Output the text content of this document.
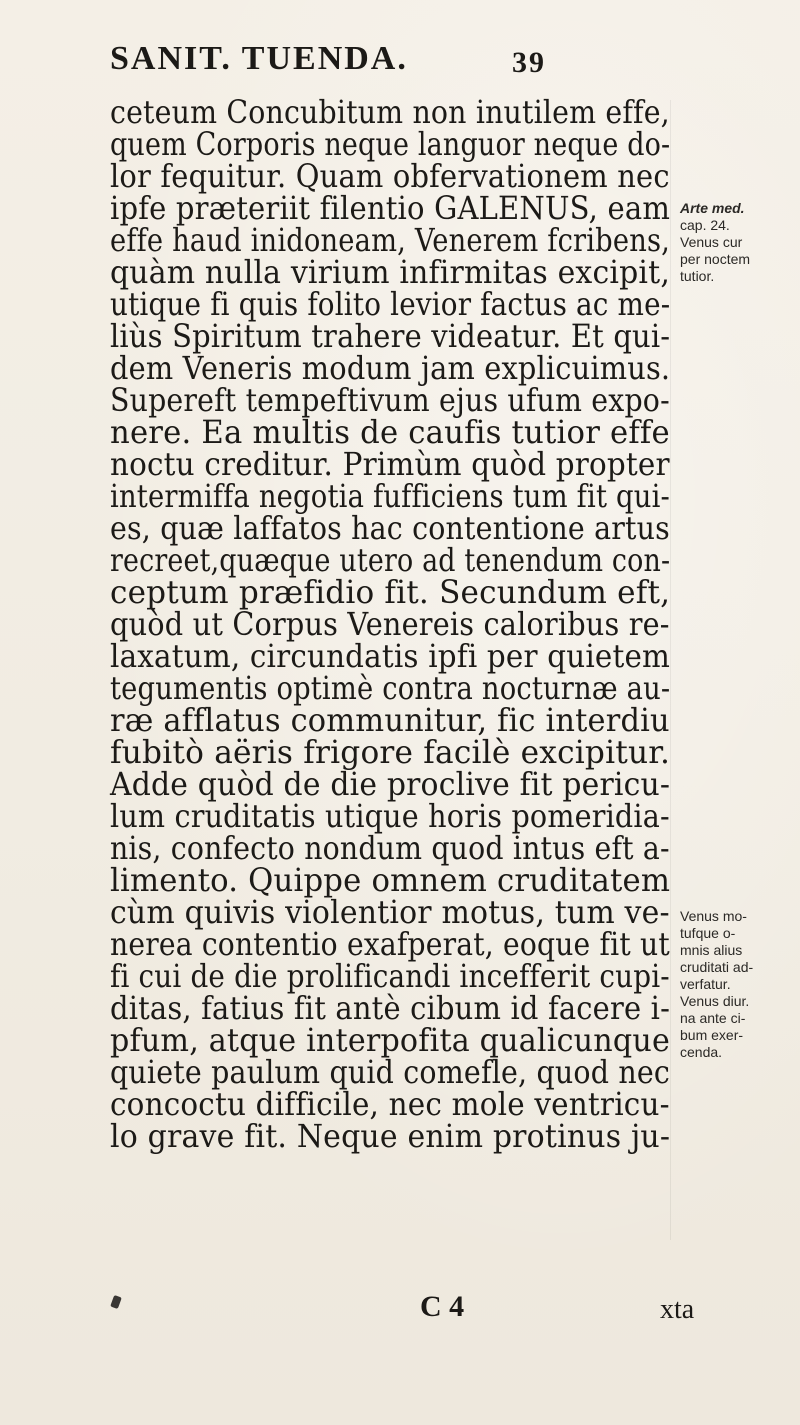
SANIT. TUENDA.	39
ceteum Concubitum non inutilem effe,
quem Corporis neque languor neque do-
lor fequitur. Quam obfervationem nec
ipfe præteriit filentio GALENUS, eam
effe haud inidoneam, Venerem fcribens,
quàm nulla virium infirmitas excipit,
utique fi quis folito levior factus ac me-
liùs Spiritum trahere videatur. Et qui-
dem Veneris modum jam explicuimus.
Supereft tempeftivum ejus ufum expo-
nere. Ea multis de caufis tutior effe
noctu creditur. Primùm quòd propter
intermiffa negotia fufficiens tum fit qui-
es, quæ laffatos hac contentione artus
recreet,quæque utero ad tenendum con-
ceptum præfidio fit. Secundum eft,
quòd ut Corpus Venereis caloribus re-
laxatum, circundatis ipfi per quietem
tegumentis optimè contra nocturnæ au-
ræ afflatus communitur, fic interdiu
fubitò aëris frigore facilè excipitur.
Adde quòd de die proclive fit pericu-
lum cruditatis utique horis pomeridia-
nis, confecto nondum quod intus eft a-
limento. Quippe omnem cruditatem
cùm quivis violentior motus, tum ve-
nerea contentio exafperat, eoque fit ut
fi cui de die prolificandi incefferit cupi-
ditas, fatius fit antè cibum id facere i-
pfum, atque interpofita qualicunque
quiete paulum quid comefle, quod nec
concoctu difficile, nec mole ventricu-
lo grave fit. Neque enim protinus ju-
Arte med.
cap. 24.
Venus cur
per noctem
tutior.
Venus mo-
tufque o-
mnis alius
cruditati ad-
verfatur.
Venus diur.
na ante ci-
bum exer-
cenda.
C 4	xta
